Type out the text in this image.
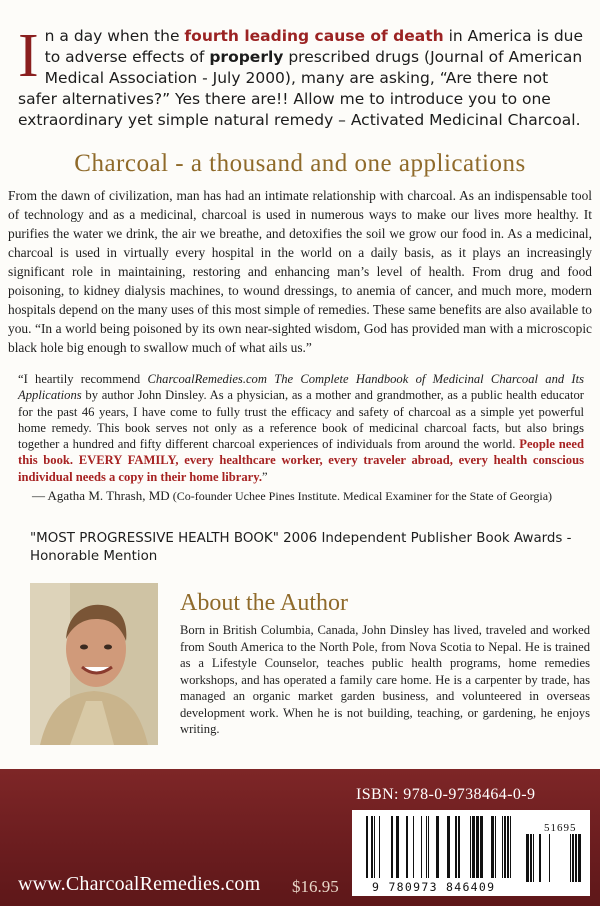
In a day when the fourth leading cause of death in America is due to adverse effects of properly prescribed drugs (Journal of American Medical Association - July 2000), many are asking, “Are there not safer alternatives?” Yes there are!! Allow me to introduce you to one extraordinary yet simple natural remedy – Activated Medicinal Charcoal.
Charcoal - a thousand and one applications
From the dawn of civilization, man has had an intimate relationship with charcoal. As an indispensable tool of technology and as a medicinal, charcoal is used in numerous ways to make our lives more healthy. It purifies the water we drink, the air we breathe, and detoxifies the soil we grow our food in. As a medicinal, charcoal is used in virtually every hospital in the world on a daily basis, as it plays an increasingly significant role in maintaining, restoring and enhancing man’s level of health. From drug and food poisoning, to kidney dialysis machines, to wound dressings, to anemia of cancer, and much more, modern hospitals depend on the many uses of this most simple of remedies. These same benefits are also available to you. “In a world being poisoned by its own near-sighted wisdom, God has provided man with a microscopic black hole big enough to swallow much of what ails us.”
“I heartily recommend CharcoalRemedies.com The Complete Handbook of Medicinal Charcoal and Its Applications by author John Dinsley. As a physician, as a mother and grandmother, as a public health educator for the past 46 years, I have come to fully trust the efficacy and safety of charcoal as a simple yet powerful home remedy. This book serves not only as a reference book of medicinal charcoal facts, but also brings together a hundred and fifty different charcoal experiences of individuals from around the world. People need this book. EVERY FAMILY, every healthcare worker, every traveler abroad, every health conscious individual needs a copy in their home library.”
— Agatha M. Thrash, MD (Co-founder Uchee Pines Institute. Medical Examiner for the State of Georgia)
"MOST PROGRESSIVE HEALTH BOOK" 2006 Independent Publisher Book Awards - Honorable Mention
About the Author
Born in British Columbia, Canada, John Dinsley has lived, traveled and worked from South America to the North Pole, from Nova Scotia to Nepal. He is trained as a Lifestyle Counselor, teaches public health programs, home remedies workshops, and has operated a family care home. He is a carpenter by trade, has managed an organic market garden business, and volunteered in overseas development work. When he is not building, teaching, or gardening, he enjoys writing.
ISBN: 978-0-9738464-0-9
51695
9 780973 846409
www.CharcoalRemedies.com $16.95
